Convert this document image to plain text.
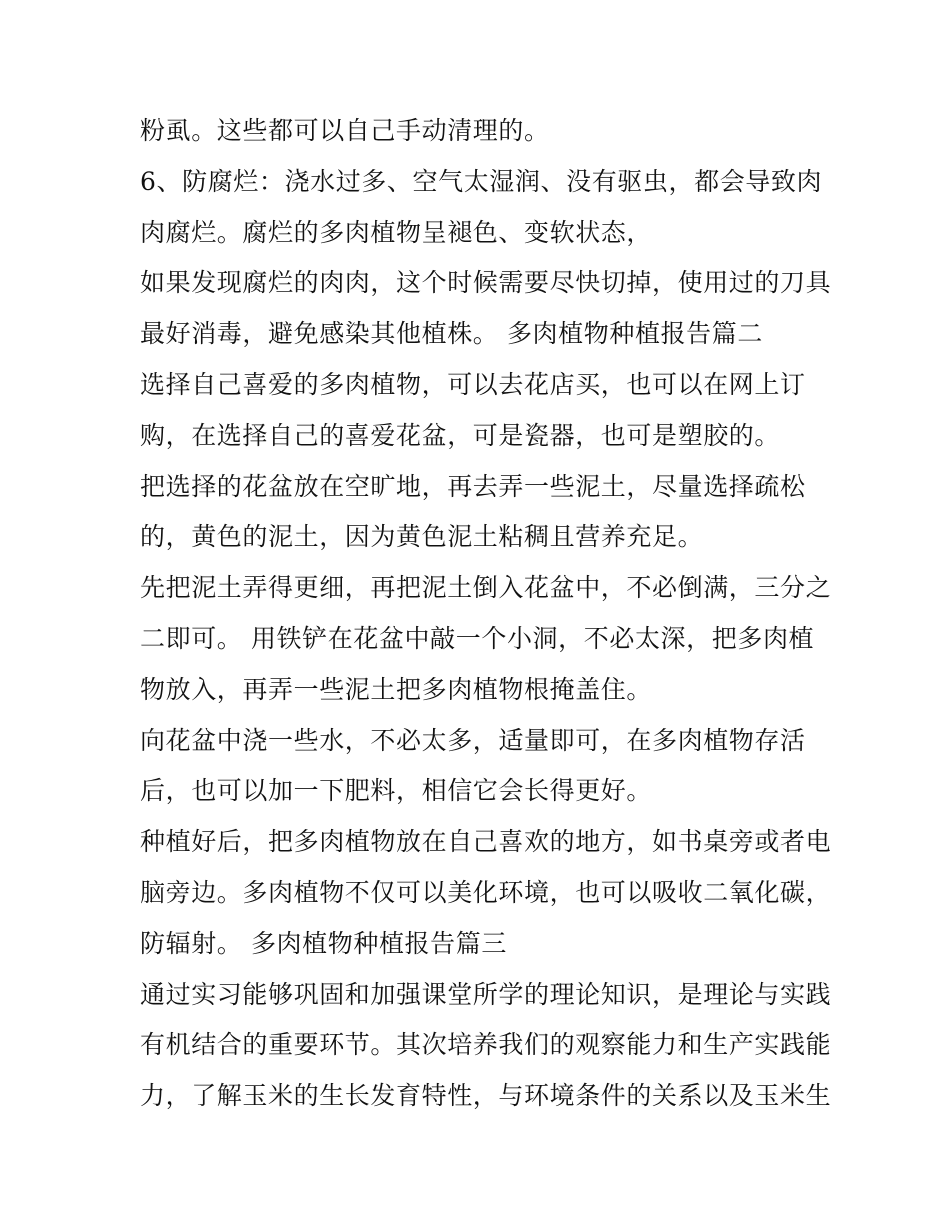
粉虱。这些都可以自己手动清理的。
6、防腐烂：浇水过多、空气太湿润、没有驱虫，都会导致肉
肉腐烂。腐烂的多肉植物呈褪色、变软状态，
如果发现腐烂的肉肉，这个时候需要尽快切掉，使用过的刀具
最好消毒，避免感染其他植株。 多肉植物种植报告篇二
选择自己喜爱的多肉植物，可以去花店买，也可以在网上订
购，在选择自己的喜爱花盆，可是瓷器，也可是塑胶的。
把选择的花盆放在空旷地，再去弄一些泥土，尽量选择疏松
的，黄色的泥土，因为黄色泥土粘稠且营养充足。
先把泥土弄得更细，再把泥土倒入花盆中，不必倒满，三分之
二即可。 用铁铲在花盆中敲一个小洞，不必太深，把多肉植
物放入，再弄一些泥土把多肉植物根掩盖住。
向花盆中浇一些水，不必太多，适量即可，在多肉植物存活
后，也可以加一下肥料，相信它会长得更好。
种植好后，把多肉植物放在自己喜欢的地方，如书桌旁或者电
脑旁边。多肉植物不仅可以美化环境，也可以吸收二氧化碳，
防辐射。 多肉植物种植报告篇三
通过实习能够巩固和加强课堂所学的理论知识，是理论与实践
有机结合的重要环节。其次培养我们的观察能力和生产实践能
力，了解玉米的生长发育特性，与环境条件的关系以及玉米生
